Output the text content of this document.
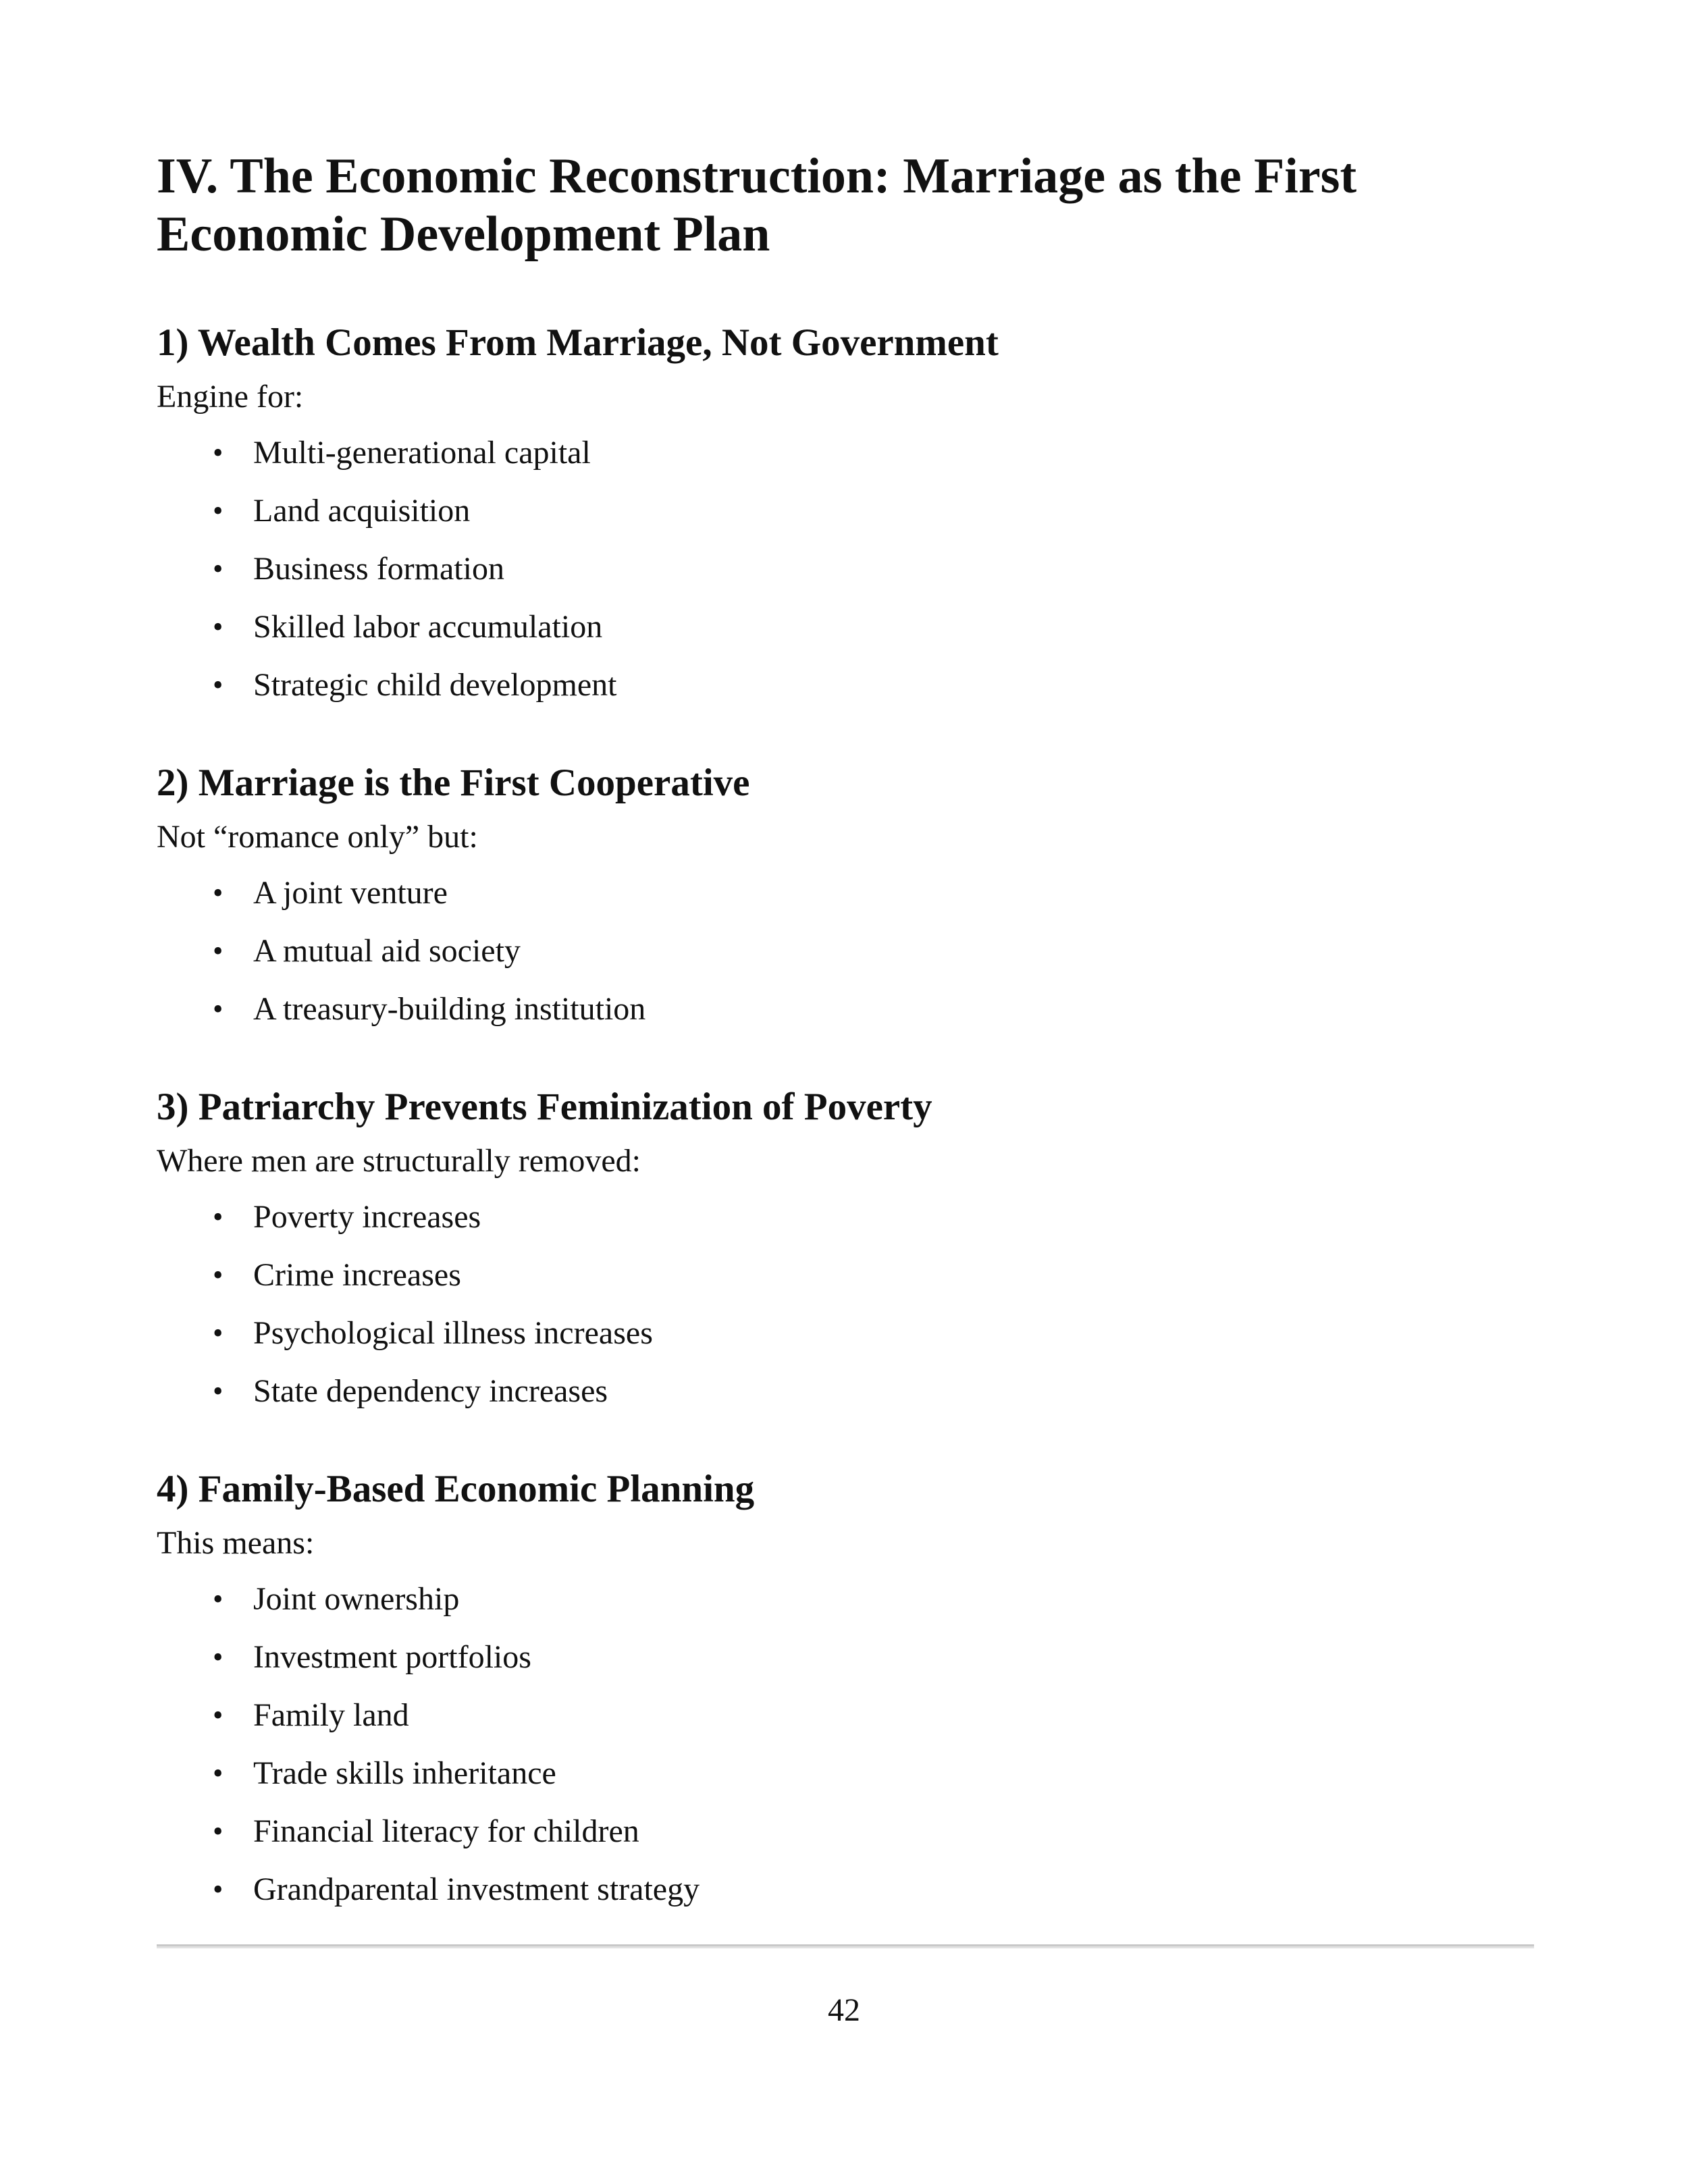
IV. The Economic Reconstruction: Marriage as the First Economic Development Plan
1) Wealth Comes From Marriage, Not Government

Engine for:

• Multi-generational capital
• Land acquisition
• Business formation
• Skilled labor accumulation
• Strategic child development
2) Marriage is the First Cooperative

Not “romance only” but:

• A joint venture
• A mutual aid society
• A treasury-building institution
3) Patriarchy Prevents Feminization of Poverty

Where men are structurally removed:

• Poverty increases
• Crime increases
• Psychological illness increases
• State dependency increases
4) Family-Based Economic Planning

This means:

• Joint ownership
• Investment portfolios
• Family land
• Trade skills inheritance
• Financial literacy for children
• Grandparental investment strategy
42
